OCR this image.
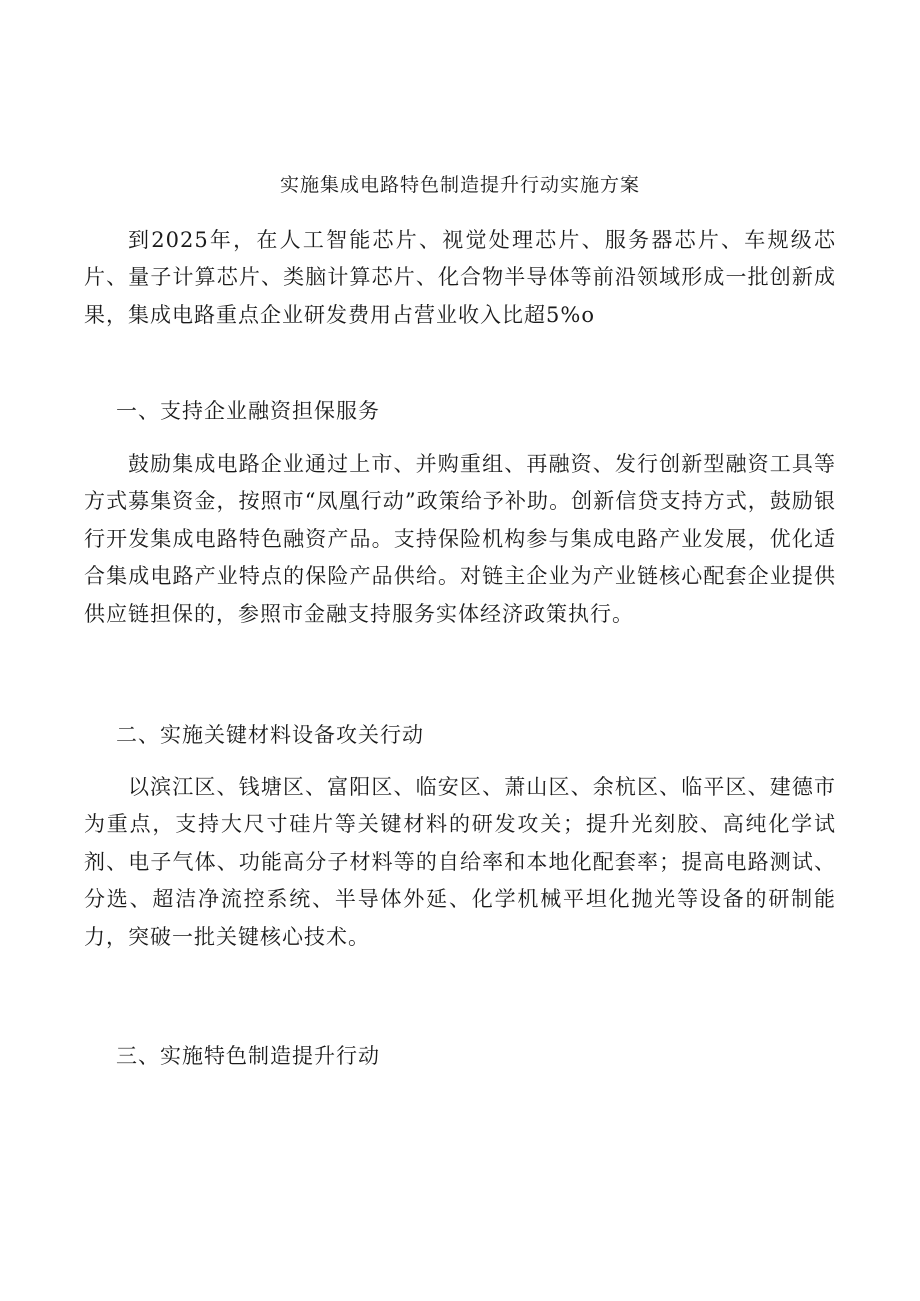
实施集成电路特色制造提升行动实施方案

到2025年，在人工智能芯片、视觉处理芯片、服务器芯片、车规级芯片、量子计算芯片、类脑计算芯片、化合物半导体等前沿领域形成一批创新成果，集成电路重点企业研发费用占营业收入比超5%o

一、支持企业融资担保服务

鼓励集成电路企业通过上市、并购重组、再融资、发行创新型融资工具等方式募集资金，按照市“凤凰行动”政策给予补助。创新信贷支持方式，鼓励银行开发集成电路特色融资产品。支持保险机构参与集成电路产业发展，优化适合集成电路产业特点的保险产品供给。对链主企业为产业链核心配套企业提供供应链担保的，参照市金融支持服务实体经济政策执行。

二、实施关键材料设备攻关行动

以滨江区、钱塘区、富阳区、临安区、萧山区、余杭区、临平区、建德市为重点，支持大尺寸硅片等关键材料的研发攻关；提升光刻胶、高纯化学试剂、电子气体、功能高分子材料等的自给率和本地化配套率；提高电路测试、分选、超洁净流控系统、半导体外延、化学机械平坦化抛光等设备的研制能力，突破一批关键核心技术。

三、实施特色制造提升行动
